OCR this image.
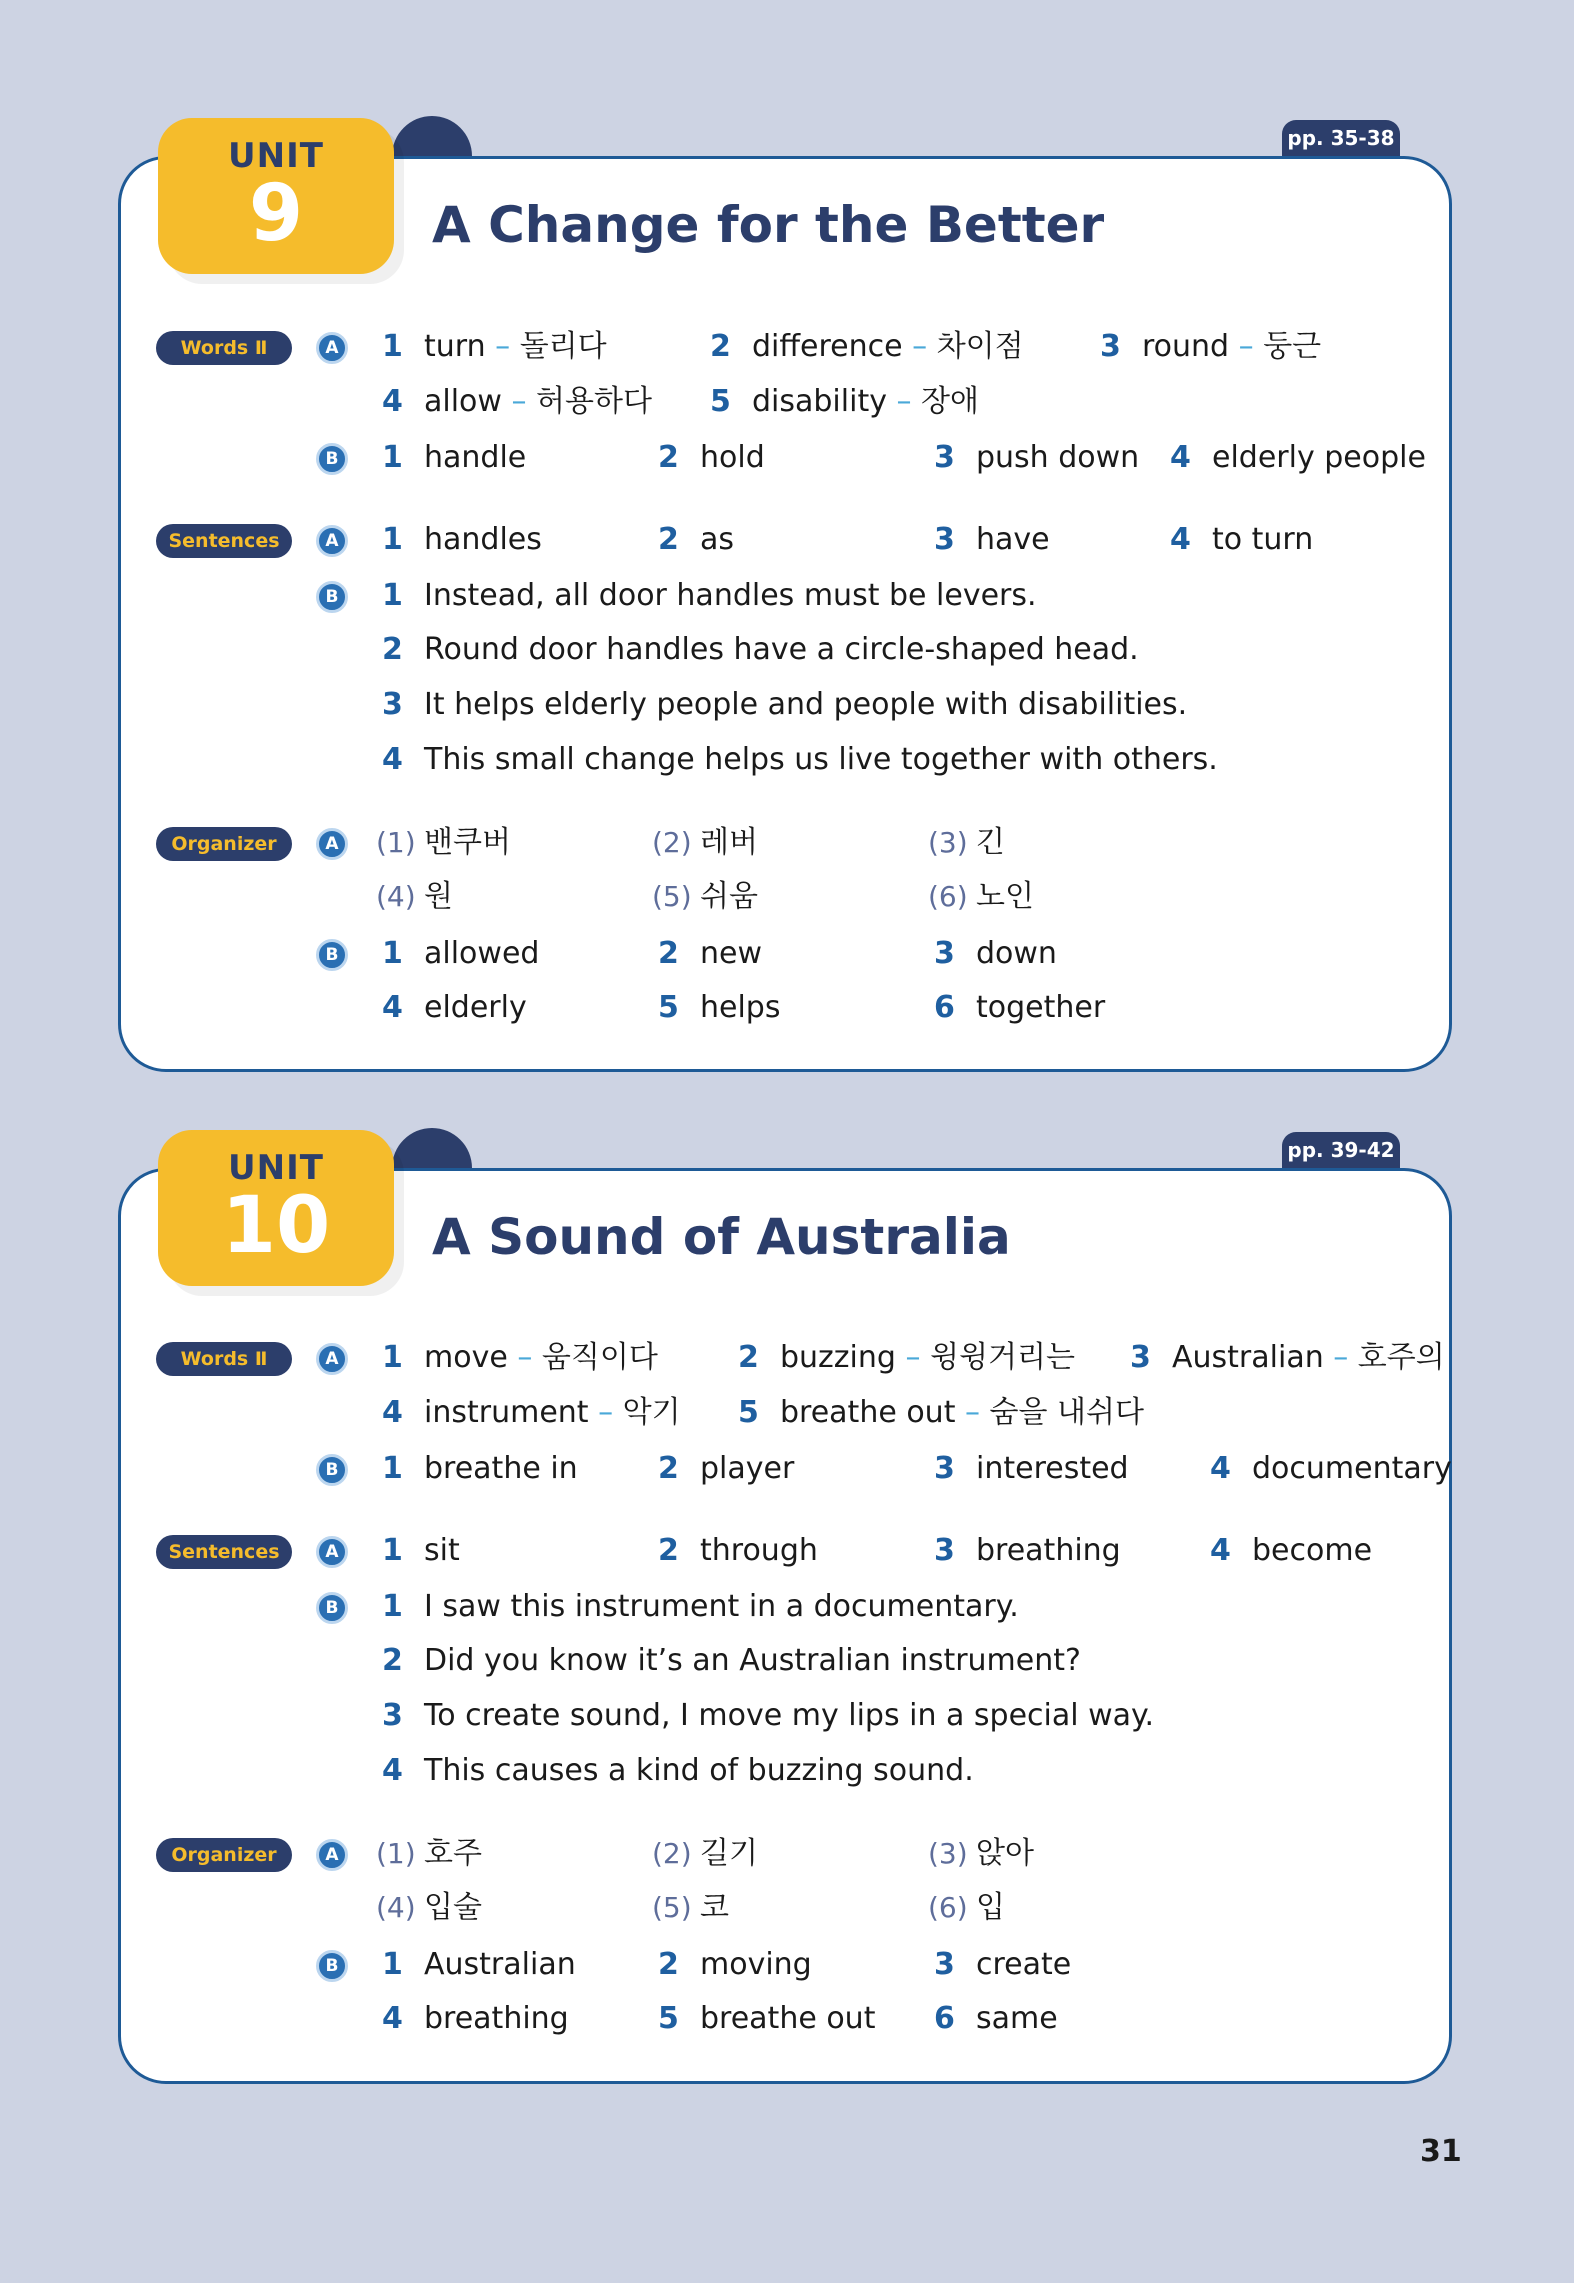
pp. 35-38
UNIT
9	A Change for the Better
Words Ⅱ	A	1 turn – 돌리다	2 difference – 차이점	3 round – 둥근
4 allow – 허용하다 5 disability – 장애
B	1 handle	2 hold	3 push down 4 elderly people
Sentences	A	1 handles	2 as	3 have	4 to turn
B	1 Instead, all door handles must be levers.
2 Round door handles have a circle-shaped head.
3 It helps elderly people and people with disabilities.
4 This small change helps us live together with others.
Organizer	A	(1) 밴쿠버	(2) 레버	(3) 긴
(4) 원	(5) 쉬움	(6) 노인
B	1 allowed	2 new	3 down
4 elderly	5 helps	6 together
pp. 39-42
UNIT
10	A Sound of Australia
Words Ⅱ	A	1 move – 움직이다	2 buzzing – 윙윙거리는 3 Australian – 호주의
4 instrument – 악기 5 breathe out – 숨을 내쉬다
B	1 breathe in	2 player	3 interested	4 documentary
Sentences	A	1 sit	2 through	3 breathing	4 become
B	1 I saw this instrument in a documentary.
2 Did you know it’s an Australian instrument?
3 To create sound, I move my lips in a special way.
4 This causes a kind of buzzing sound.
Organizer	A	(1) 호주	(2) 길기	(3) 앉아
(4) 입술	(5) 코	(6) 입
B	1 Australian	2 moving	3 create
4 breathing	5 breathe out 6 same
31
